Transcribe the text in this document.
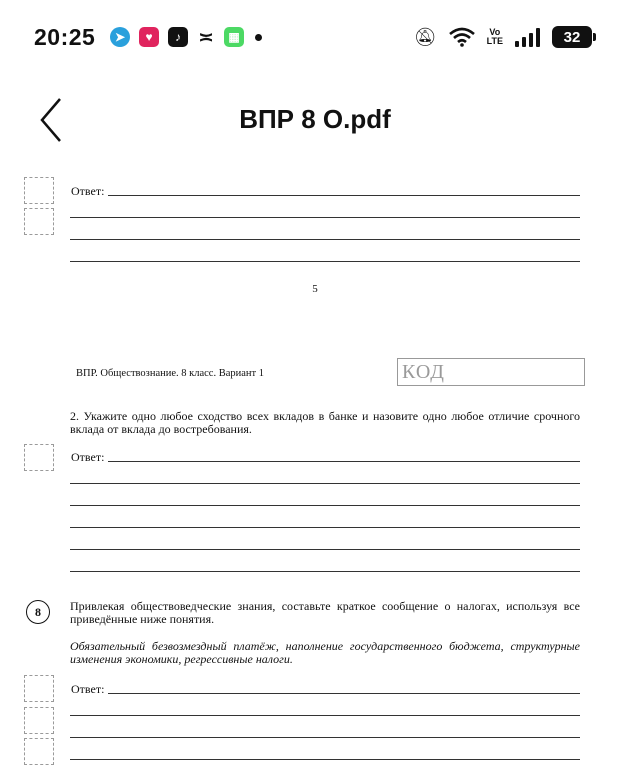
20:25	➤	♥	♪ ≍	▦	🔕︎	Vo
LTE	32
ВПР 8 О.pdf
Ответ:
5
ВПР. Обществознание. 8 класс. Вариант 1	КОД
2. Укажите одно любое сходство всех вкладов в банке и назовите одно любое отличие срочного вклада от вклада до востребования.
Ответ:
8	Привлекая обществоведческие знания, составьте краткое сообщение о налогах, используя все приведённые ниже понятия.
Обязательный безвозмездный платёж, наполнение государственного бюджета, структурные изменения экономики, регрессивные налоги.
Ответ:
